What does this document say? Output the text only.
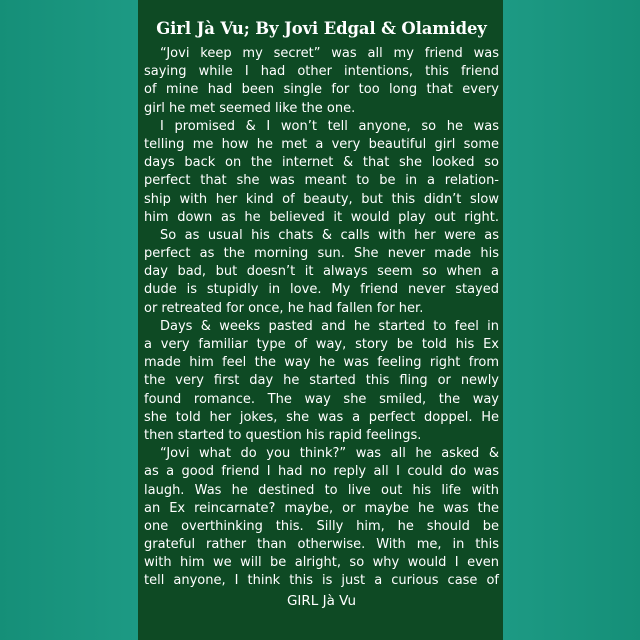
Girl Jà Vu; By Jovi Edgal & Olamidey
“Jovi keep my secret” was all my friend was
saying while I had other intentions, this friend
of mine had been single for too long that every
girl he met seemed like the one.
I promised & I won’t tell anyone, so he was
telling me how he met a very beautiful girl some
days back on the internet & that she looked so
perfect that she was meant to be in a relation-
ship with her kind of beauty, but this didn’t slow
him down as he believed it would play out right.
So as usual his chats & calls with her were as
perfect as the morning sun. She never made his
day bad, but doesn’t it always seem so when a
dude is stupidly in love. My friend never stayed
or retreated for once, he had fallen for her.
Days & weeks pasted and he started to feel in
a very familiar type of way, story be told his Ex
made him feel the way he was feeling right from
the very first day he started this fling or newly
found romance. The way she smiled, the way
she told her jokes, she was a perfect doppel. He
then started to question his rapid feelings.
“Jovi what do you think?” was all he asked &
as a good friend I had no reply all I could do was
laugh. Was he destined to live out his life with
an Ex reincarnate? maybe, or maybe he was the
one overthinking this. Silly him, he should be
grateful rather than otherwise. With me, in this
with him we will be alright, so why would I even
tell anyone, I think this is just a curious case of
GIRL Jà Vu
